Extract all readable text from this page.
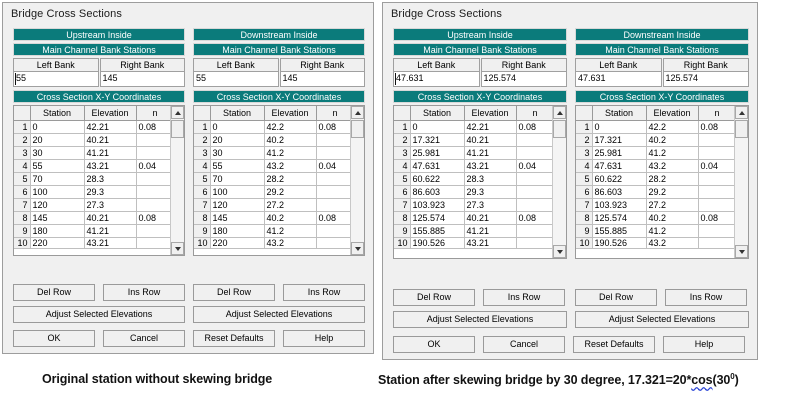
Bridge Cross Sections
Upstream Inside
Main Channel Bank Stations
Left Bank	Right Bank
55	145
Cross Section X-Y Coordinates
	Station	Elevation	n	
1	0	42.21	0.08	
2	20	40.21		
3	30	41.21		
4	55	43.21	0.04	
5	70	28.3		
6	100	29.3		
7	120	27.3		
8	145	40.21	0.08	
9	180	41.21		
10	220	43.21		
Downstream Inside
Main Channel Bank Stations
Left Bank	Right Bank
55	145
Cross Section X-Y Coordinates
	Station	Elevation	n	
1	0	42.2	0.08	
2	20	40.2		
3	30	41.2		
4	55	43.2	0.04	
5	70	28.2		
6	100	29.2		
7	120	27.2		
8	145	40.2	0.08	
9	180	41.2		
10	220	43.2		
Del Row	Ins Row	Del Row	Ins Row
Adjust Selected Elevations	Adjust Selected Elevations
OK	Cancel	Reset Defaults	Help
Bridge Cross Sections
Upstream Inside
Main Channel Bank Stations
Left Bank	Right Bank
47.631	125.574
Cross Section X-Y Coordinates
	Station	Elevation	n	
1	0	42.21	0.08	
2	17.321	40.21		
3	25.981	41.21		
4	47.631	43.21	0.04	
5	60.622	28.3		
6	86.603	29.3		
7	103.923	27.3		
8	125.574	40.21	0.08	
9	155.885	41.21		
10	190.526	43.21		
Downstream Inside
Main Channel Bank Stations
Left Bank	Right Bank
47.631	125.574
Cross Section X-Y Coordinates
	Station	Elevation	n	
1	0	42.2	0.08	
2	17.321	40.2		
3	25.981	41.2		
4	47.631	43.2	0.04	
5	60.622	28.2		
6	86.603	29.2		
7	103.923	27.2		
8	125.574	40.2	0.08	
9	155.885	41.2		
10	190.526	43.2		
Del Row	Ins Row	Del Row	Ins Row
Adjust Selected Elevations	Adjust Selected Elevations
OK	Cancel	Reset Defaults	Help
Original station without skewing bridge	Station after skewing bridge by 30 degree, $17.321=20*\cos(30^0)$
